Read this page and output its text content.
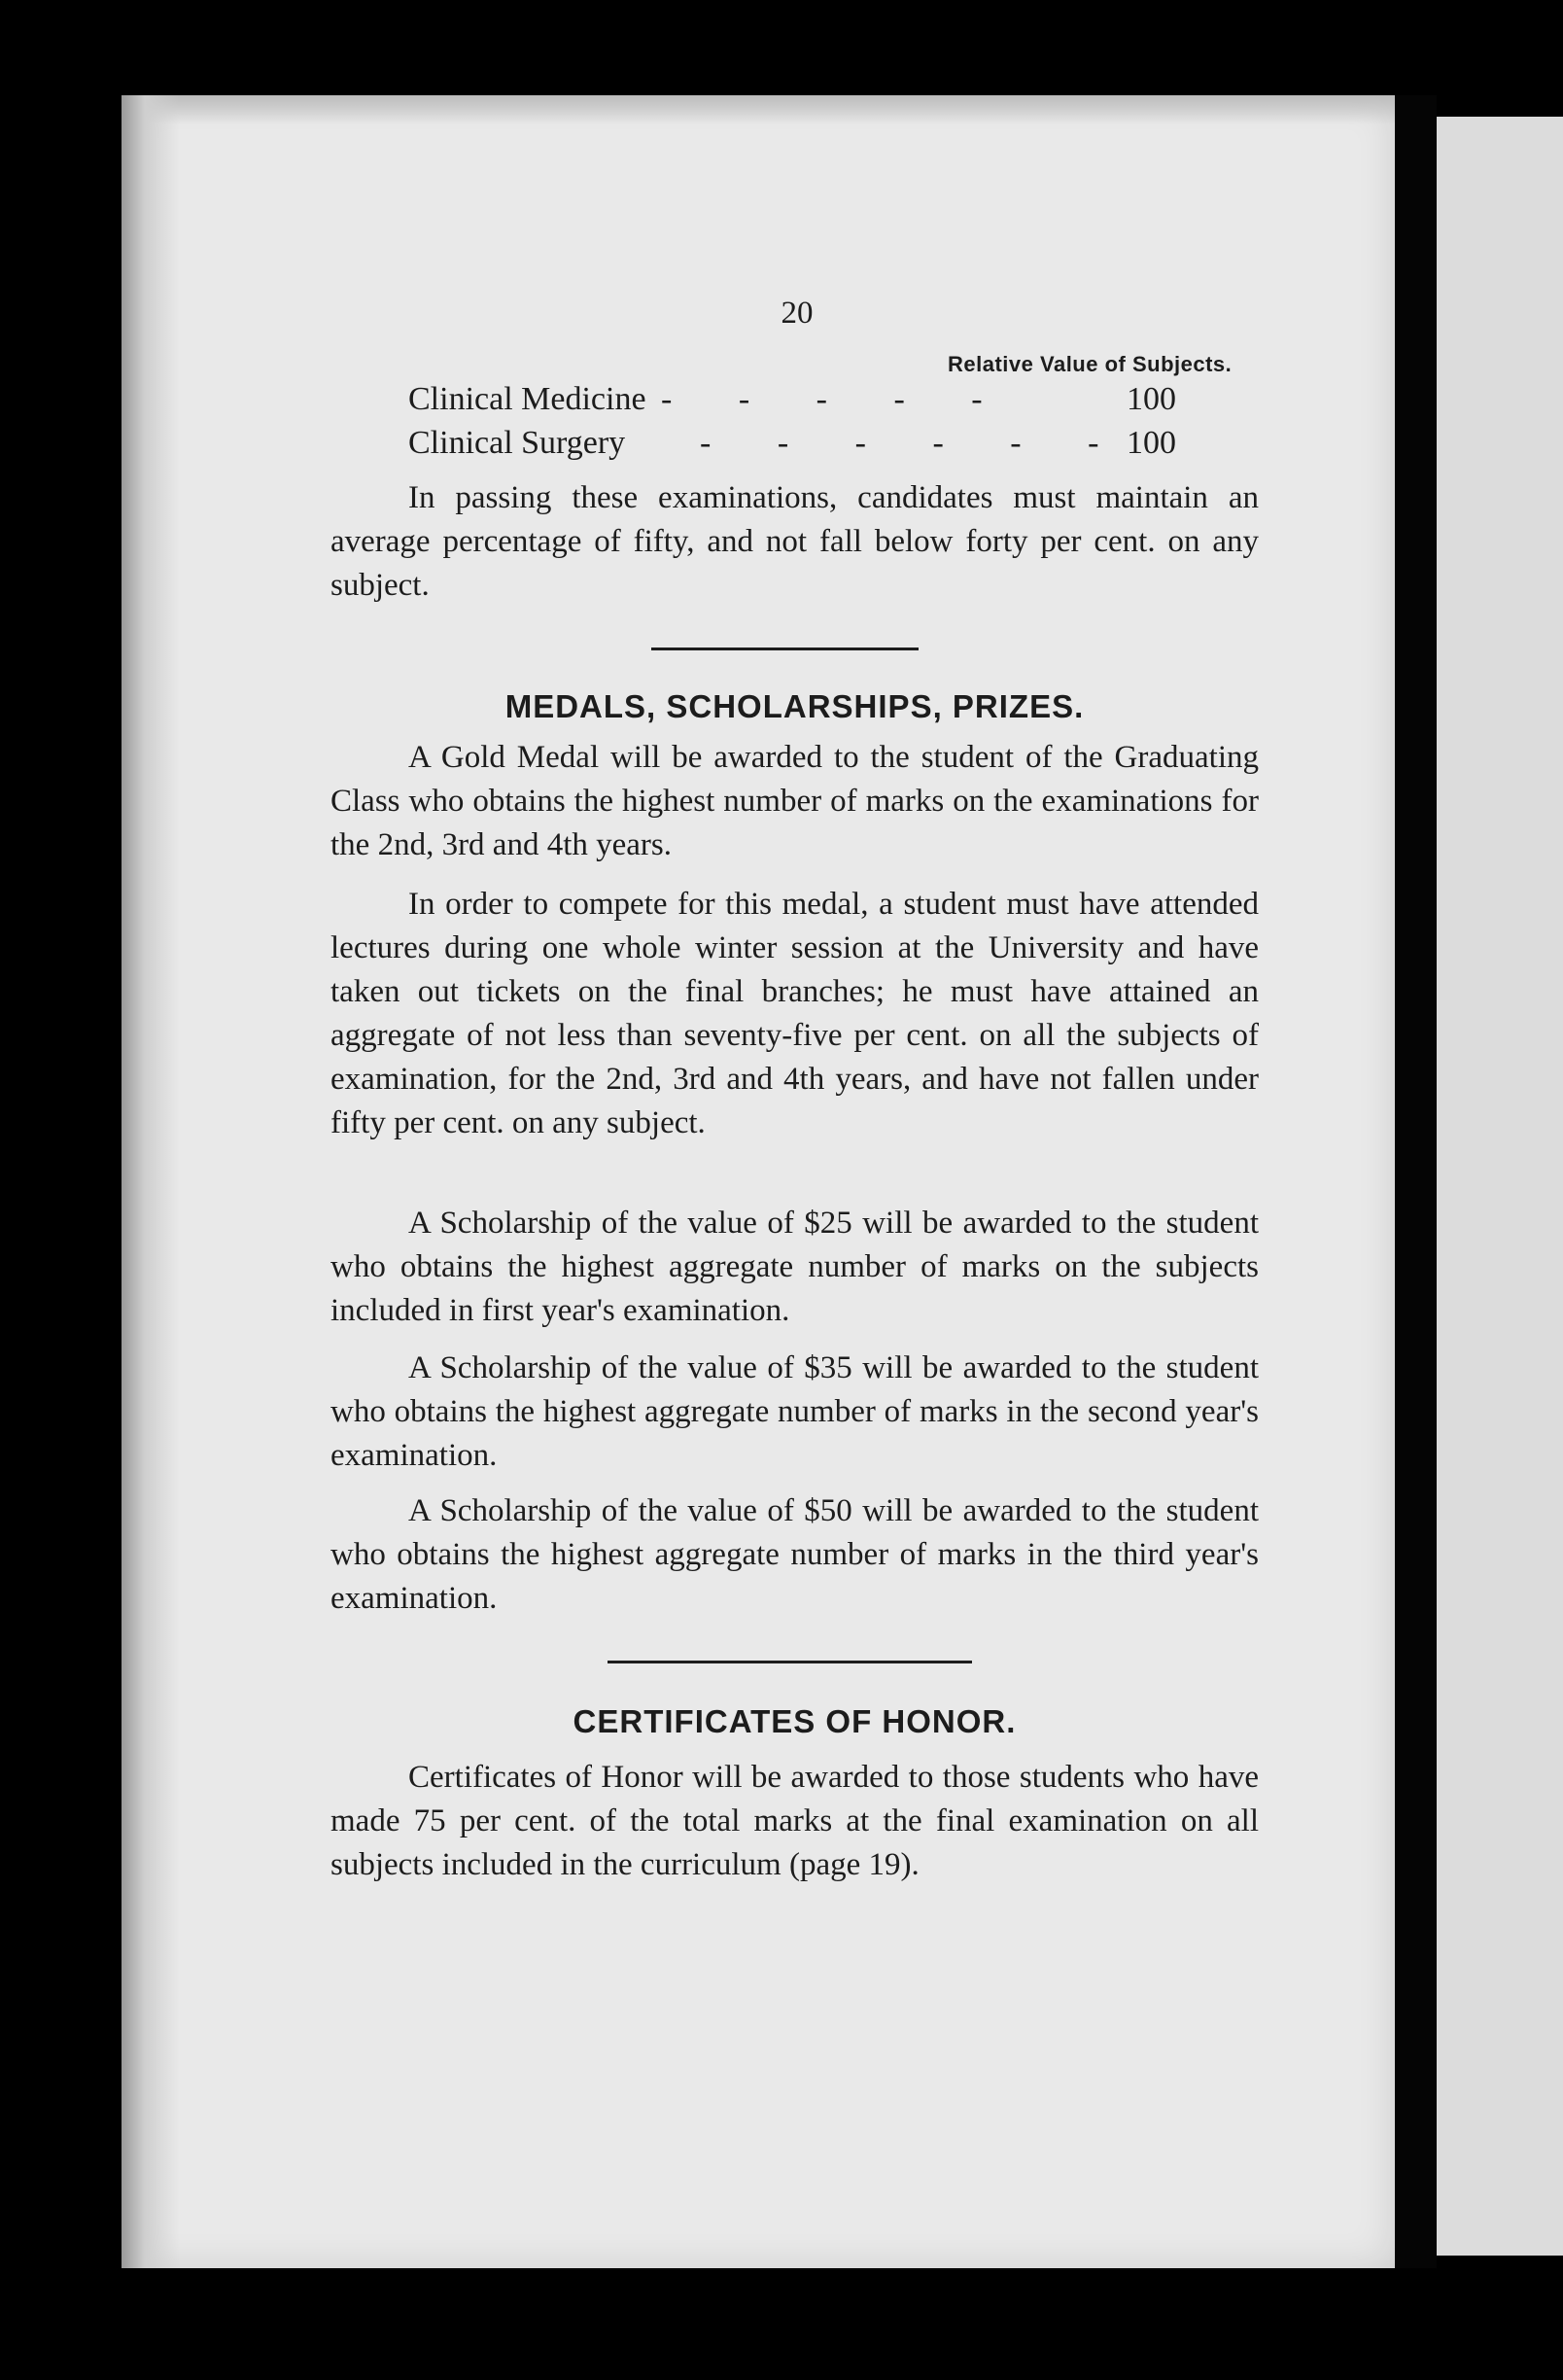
20
Relative Value of Subjects.
Clinical Medicine - - - - -	100
Clinical Surgery - - - - - -
100

In passing these examinations, candidates must maintain an average percentage of fifty, and not fall below forty per cent. on any subject.

MEDALS, SCHOLARSHIPS, PRIZES.

A Gold Medal will be awarded to the student of the Graduating Class who obtains the highest number of marks on the examinations for the 2nd, 3rd and 4th years.

In order to compete for this medal, a student must have attended lectures during one whole winter session at the University and have taken out tickets on the final branches; he must have attained an aggregate of not less than seventy-five per cent. on all the subjects of examination, for the 2nd, 3rd and 4th years, and have not fallen under fifty per cent. on any subject.

A Scholarship of the value of $25 will be awarded to the student who obtains the highest aggregate number of marks on the subjects included in first year's examination.

A Scholarship of the value of $35 will be awarded to the student who obtains the highest aggregate number of marks in the second year's examination.

A Scholarship of the value of $50 will be awarded to the student who obtains the highest aggregate number of marks in the third year's examination.

CERTIFICATES OF HONOR.

Certificates of Honor will be awarded to those students who have made 75 per cent. of the total marks at the final examination on all subjects included in the curriculum (page 19).
